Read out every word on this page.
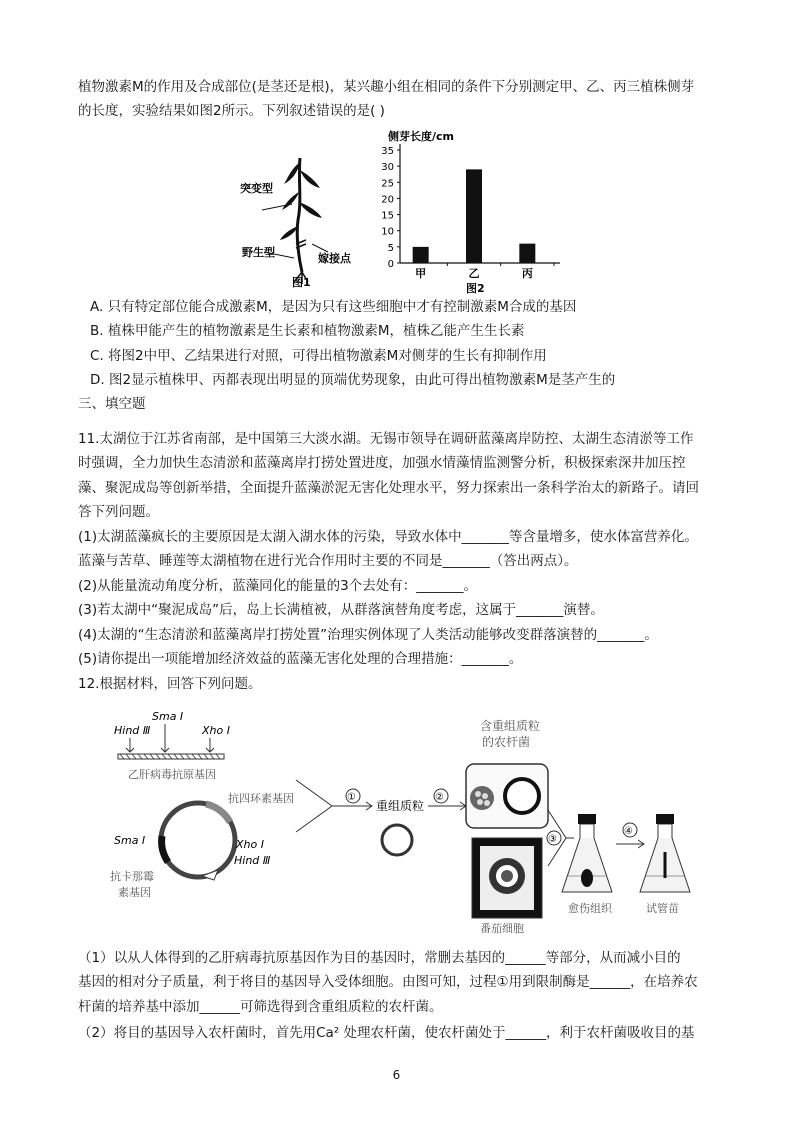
植物激素M的作用及合成部位(是茎还是根)，某兴趣小组在相同的条件下分别测定甲、乙、丙三植株侧芽
的长度，实验结果如图2所示。下列叙述错误的是( )
突变型
野生型	嫁接点
图1
侧芽长度/cm
图2
0
5
10
15
20
25
30
35
甲	乙	丙
A. 只有特定部位能合成激素M，是因为只有这些细胞中才有控制激素M合成的基因
B. 植株甲能产生的植物激素是生长素和植物激素M，植株乙能产生生长素
C. 将图2中甲、乙结果进行对照，可得出植物激素M对侧芽的生长有抑制作用
D. 图2显示植株甲、丙都表现出明显的顶端优势现象，由此可得出植物激素M是茎产生的
三、填空题
11.太湖位于江苏省南部，是中国第三大淡水湖。无锡市领导在调研蓝藻离岸防控、太湖生态清淤等工作
时强调，全力加快生态清淤和蓝藻离岸打捞处置进度，加强水情藻情监测警分析，积极探索深井加压控
藻、聚泥成岛等创新举措，全面提升蓝藻淤泥无害化处理水平，努力探索出一条科学治太的新路子。请回
答下列问题。
(1)太湖蓝藻疯长的主要原因是太湖入湖水体的污染，导致水体中_______等含量增多，使水体富营养化。
蓝藻与苦草、睡莲等太湖植物在进行光合作用时主要的不同是_______（答出两点）。
(2)从能量流动角度分析，蓝藻同化的能量的3个去处有：_______。
(3)若太湖中“聚泥成岛”后，岛上长满植被，从群落演替角度考虑，这属于_______演替。
(4)太湖的“生态清淤和蓝藻离岸打捞处置”治理实例体现了人类活动能够改变群落演替的_______。
(5)请你提出一项能增加经济效益的蓝藻无害化处理的合理措施：_______。
12.根据材料，回答下列问题。
Hind Ⅲ
Sma Ⅰ
Xho Ⅰ
乙肝病毒抗原基因
抗四环素基因
Sma Ⅰ	Xho Ⅰ
Hind Ⅲ
抗卡那霉
素基因
①
重组质粒
②
含重组质粒
的农杆菌
番茄细胞
③
愈伤组织
④
试管苗
（1）以从人体得到的乙肝病毒抗原基因作为目的基因时，常删去基因的______等部分，从而减小目的
基因的相对分子质量，利于将目的基因导入受体细胞。由图可知，过程①用到限制酶是______，在培养农
杆菌的培养基中添加______可筛选得到含重组质粒的农杆菌。
（2）将目的基因导入农杆菌时，首先用Ca² 处理农杆菌，使农杆菌处于______，利于农杆菌吸收目的基
6
